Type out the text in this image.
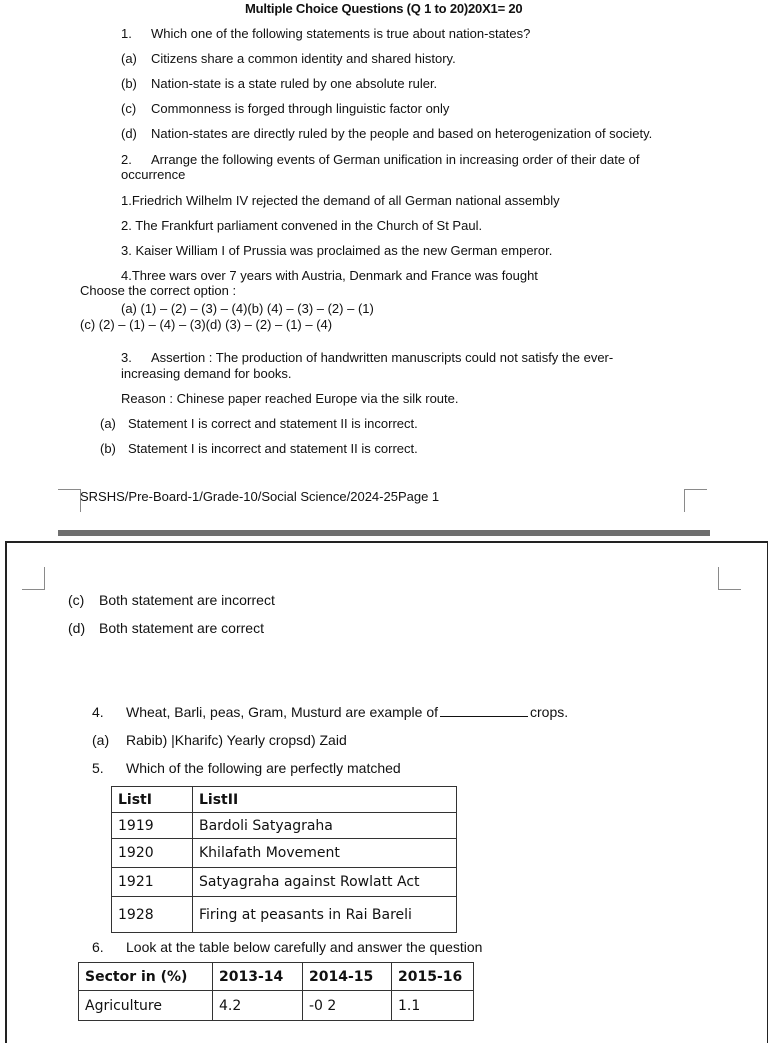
Multiple Choice Questions (Q 1 to 20)20X1= 20
1. Which one of the following statements is true about nation-states?
(a) Citizens share a common identity and shared history.
(b) Nation-state is a state ruled by one absolute ruler.
(c) Commonness is forged through linguistic factor only
(d) Nation-states are directly ruled by the people and based on heterogenization of society.
2. Arrange the following events of German unification in increasing order of their date of
occurrence
1.Friedrich Wilhelm IV rejected the demand of all German national assembly
2. The Frankfurt parliament convened in the Church of St Paul.
3. Kaiser William I of Prussia was proclaimed as the new German emperor.
4.Three wars over 7 years with Austria, Denmark and France was fought
Choose the correct option :
(a) (1) – (2) – (3) – (4)(b) (4) – (3) – (2) – (1)
(c) (2) – (1) – (4) – (3)(d) (3) – (2) – (1) – (4)
3. Assertion : The production of handwritten manuscripts could not satisfy the ever-
increasing demand for books.
Reason : Chinese paper reached Europe via the silk route.
(a) Statement I is correct and statement II is incorrect.
(b) Statement I is incorrect and statement II is correct.
SRSHS/Pre-Board-1/Grade-10/Social Science/2024-25Page 1
(c) Both statement are incorrect
(d) Both statement are correct
4. Wheat, Barli, peas, Gram, Musturd are example of	crops.
(a) Rabib) |Kharifc) Yearly cropsd) Zaid
5. Which of the following are perfectly matched
ListI	ListII
1919	Bardoli Satyagraha
1920	Khilafath Movement
1921	Satyagraha against Rowlatt Act
1928	Firing at peasants in Rai Bareli
6. Look at the table below carefully and answer the question
Sector in (%)	2013-14	2014-15	2015-16
Agriculture	4.2	-0 2	1.1
